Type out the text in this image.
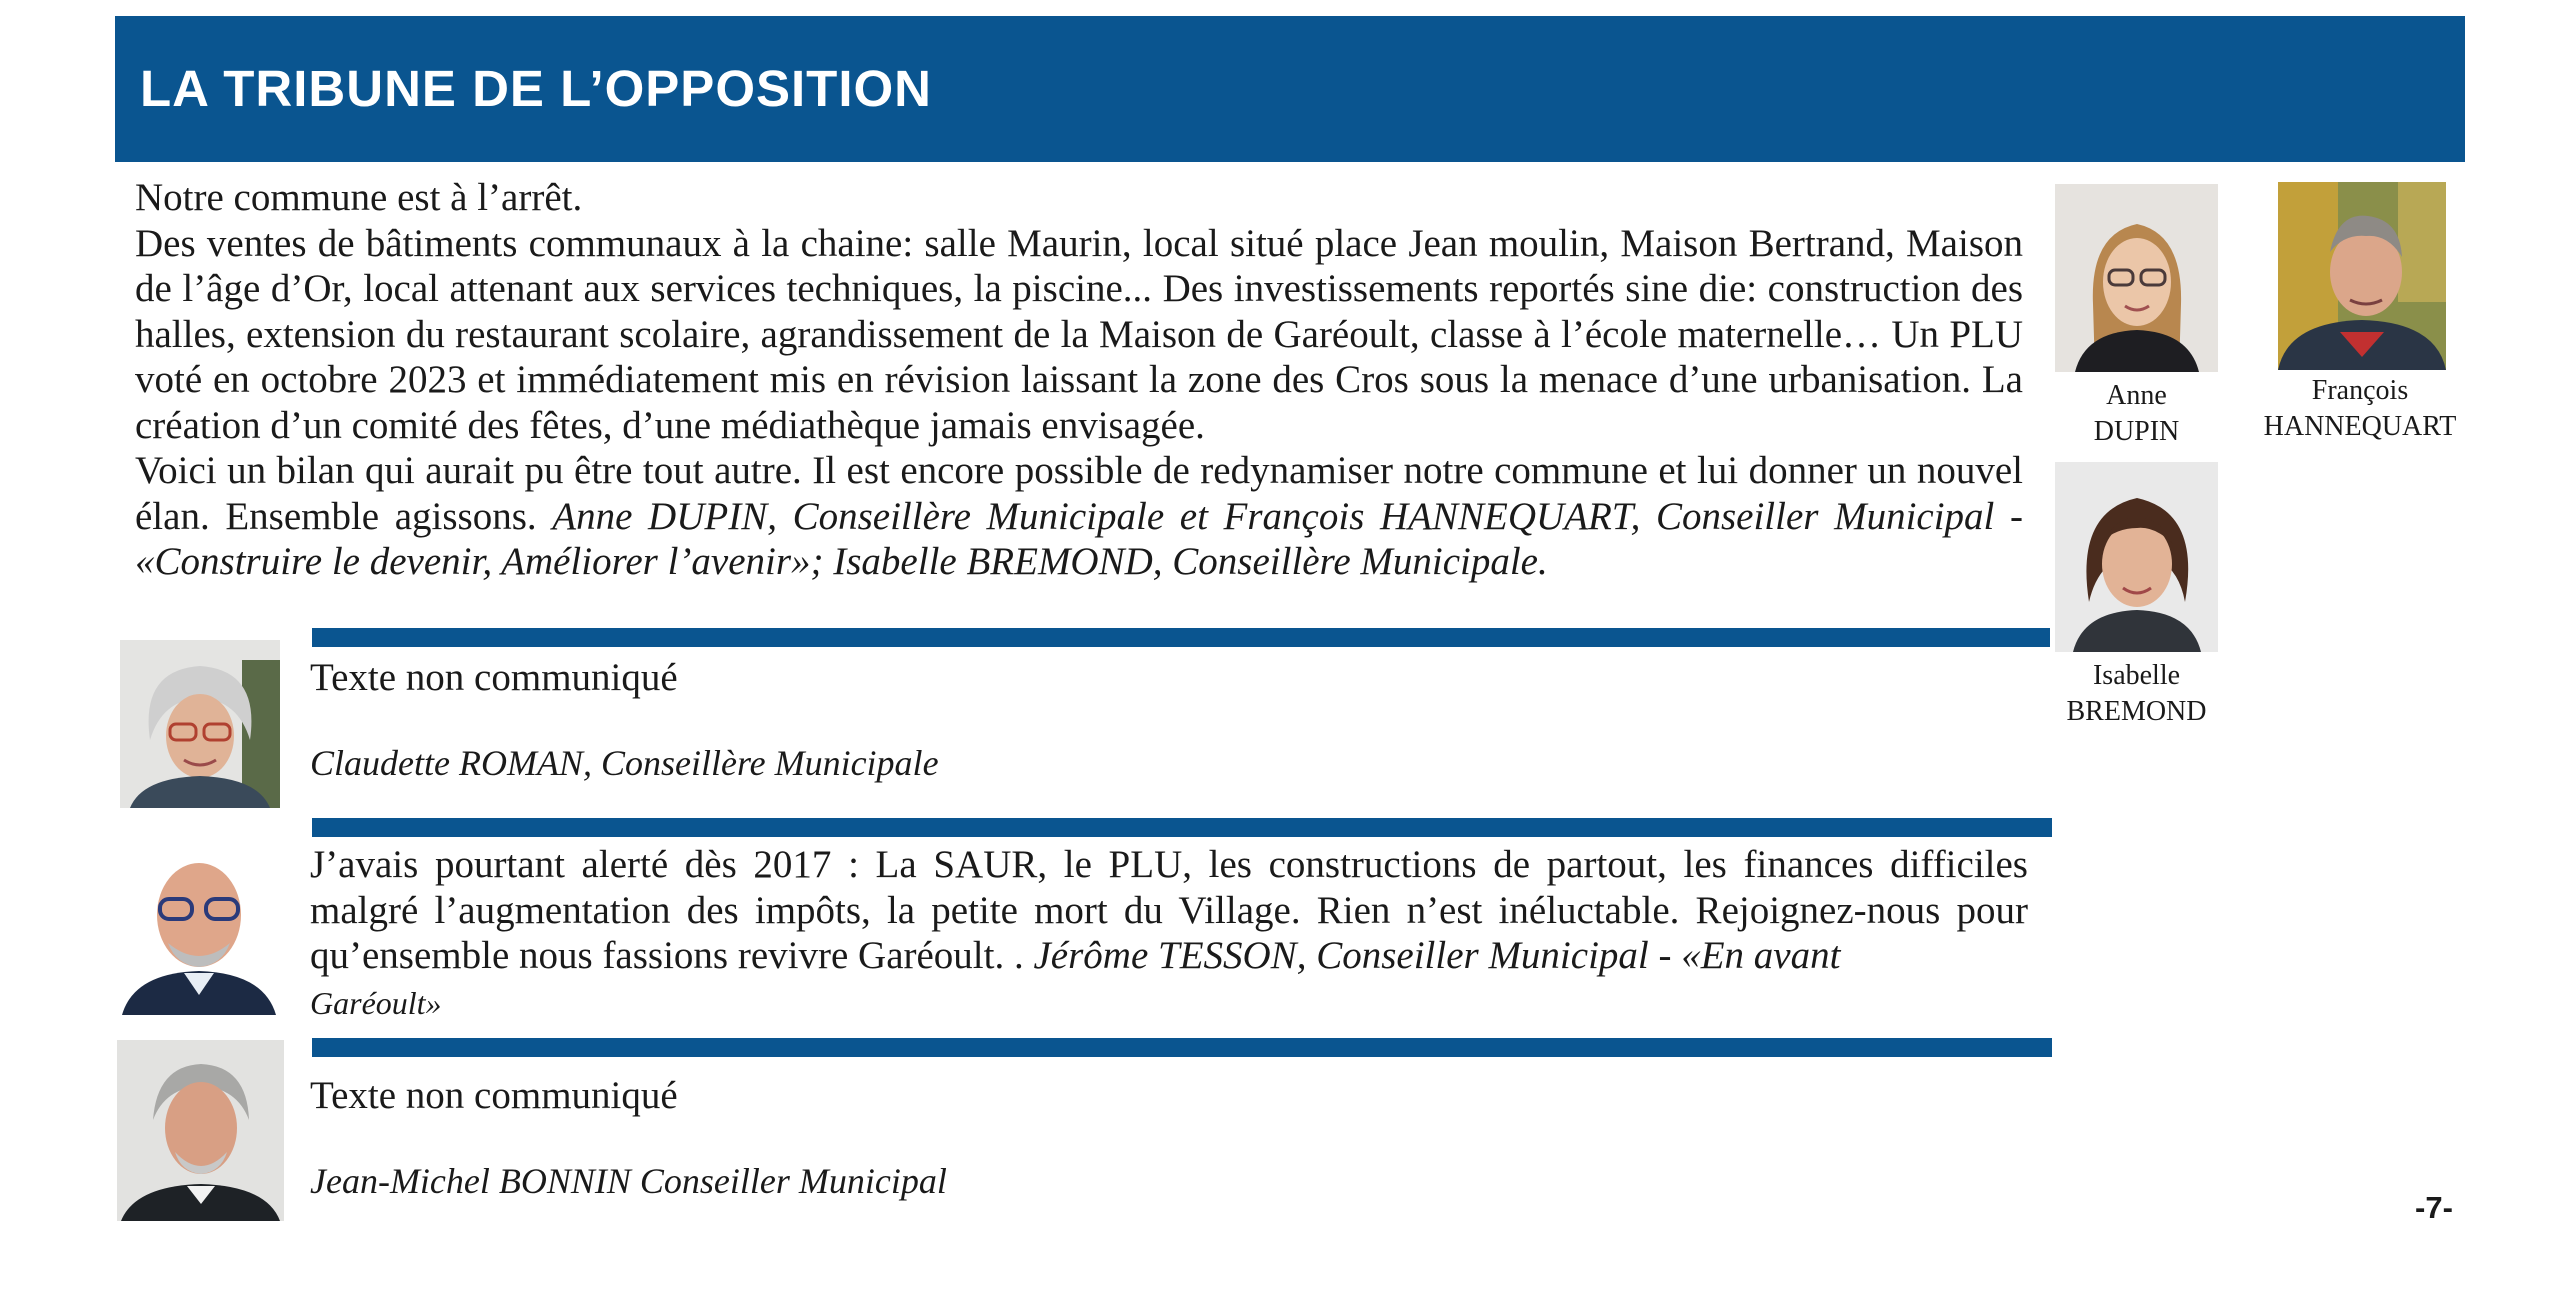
LA TRIBUNE DE L’OPPOSITION

Notre commune est à l’arrêt.

Des ventes de bâtiments communaux à la chaine: salle Maurin, local situé place Jean moulin, Maison Bertrand, Maison de l’âge d’Or, local attenant aux services techniques, la piscine... Des investissements reportés sine die: construction des halles, extension du restaurant scolaire, agrandissement de la Maison de Garéoult, classe à l’école maternelle… Un PLU voté en octobre 2023 et immédiatement mis en révision laissant la zone des Cros sous la menace d’une urbanisation. La création d’un comité des fêtes, d’une médiathèque jamais envisagée.

Voici un bilan qui aurait pu être tout autre. Il est encore possible de redynamiser notre commune et lui donner un nouvel élan. Ensemble agissons. Anne DUPIN, Conseillère Municipale et François HANNEQUART, Conseiller Municipal - «Construire le devenir, Améliorer l’avenir»; Isabelle BREMOND, Conseillère Municipale.

Anne
DUPIN
François
HANNEQUART
Isabelle
BREMOND
Texte non communiqué
Claudette ROMAN, Conseillère Municipale

J’avais pourtant alerté dès 2017 : La SAUR, le PLU, les constructions de partout, les finances difficiles malgré l’augmentation des impôts, la petite mort du Village. Rien n’est inéluctable. Rejoignez-nous pour qu’ensemble nous fassions revivre Garéoult. . Jérôme TESSON, Conseiller Municipal - «En avant
Garéoult»

Texte non communiqué
Jean-Michel BONNIN Conseiller Municipal
-7-
